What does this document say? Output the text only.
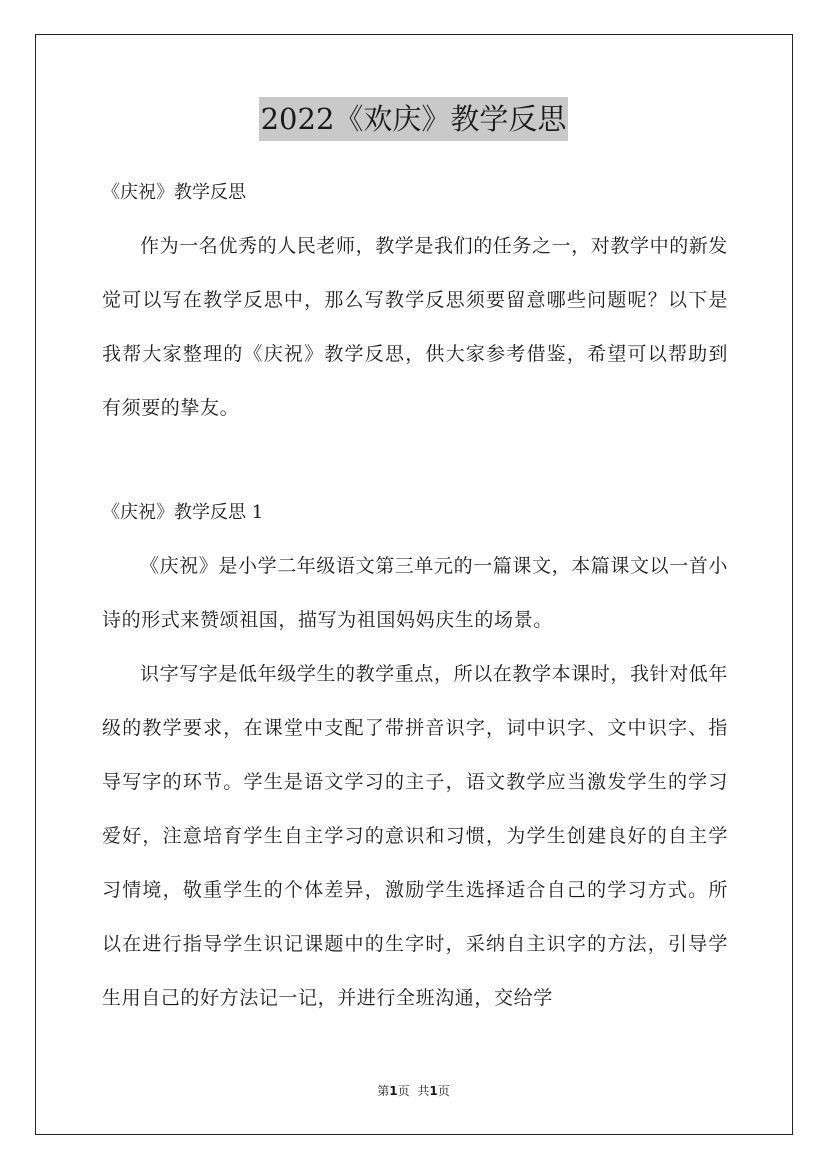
2022《欢庆》教学反思

《庆祝》教学反思

作为一名优秀的人民老师，教学是我们的任务之一，对教学中的新发觉可以写在教学反思中，那么写教学反思须要留意哪些问题呢？以下是我帮大家整理的《庆祝》教学反思，供大家参考借鉴，希望可以帮助到有须要的挚友。

《庆祝》教学反思 1

《庆祝》是小学二年级语文第三单元的一篇课文，本篇课文以一首小诗的形式来赞颂祖国，描写为祖国妈妈庆生的场景。

识字写字是低年级学生的教学重点，所以在教学本课时，我针对低年级的教学要求，在课堂中支配了带拼音识字，词中识字、文中识字、指导写字的环节。学生是语文学习的主子，语文教学应当激发学生的学习爱好，注意培育学生自主学习的意识和习惯，为学生创建良好的自主学习情境，敬重学生的个体差异，激励学生选择适合自己的学习方式。所以在进行指导学生识记课题中的生字时，采纳自主识字的方法，引导学生用自己的好方法记一记，并进行全班沟通，交给学

第1页 共1页
